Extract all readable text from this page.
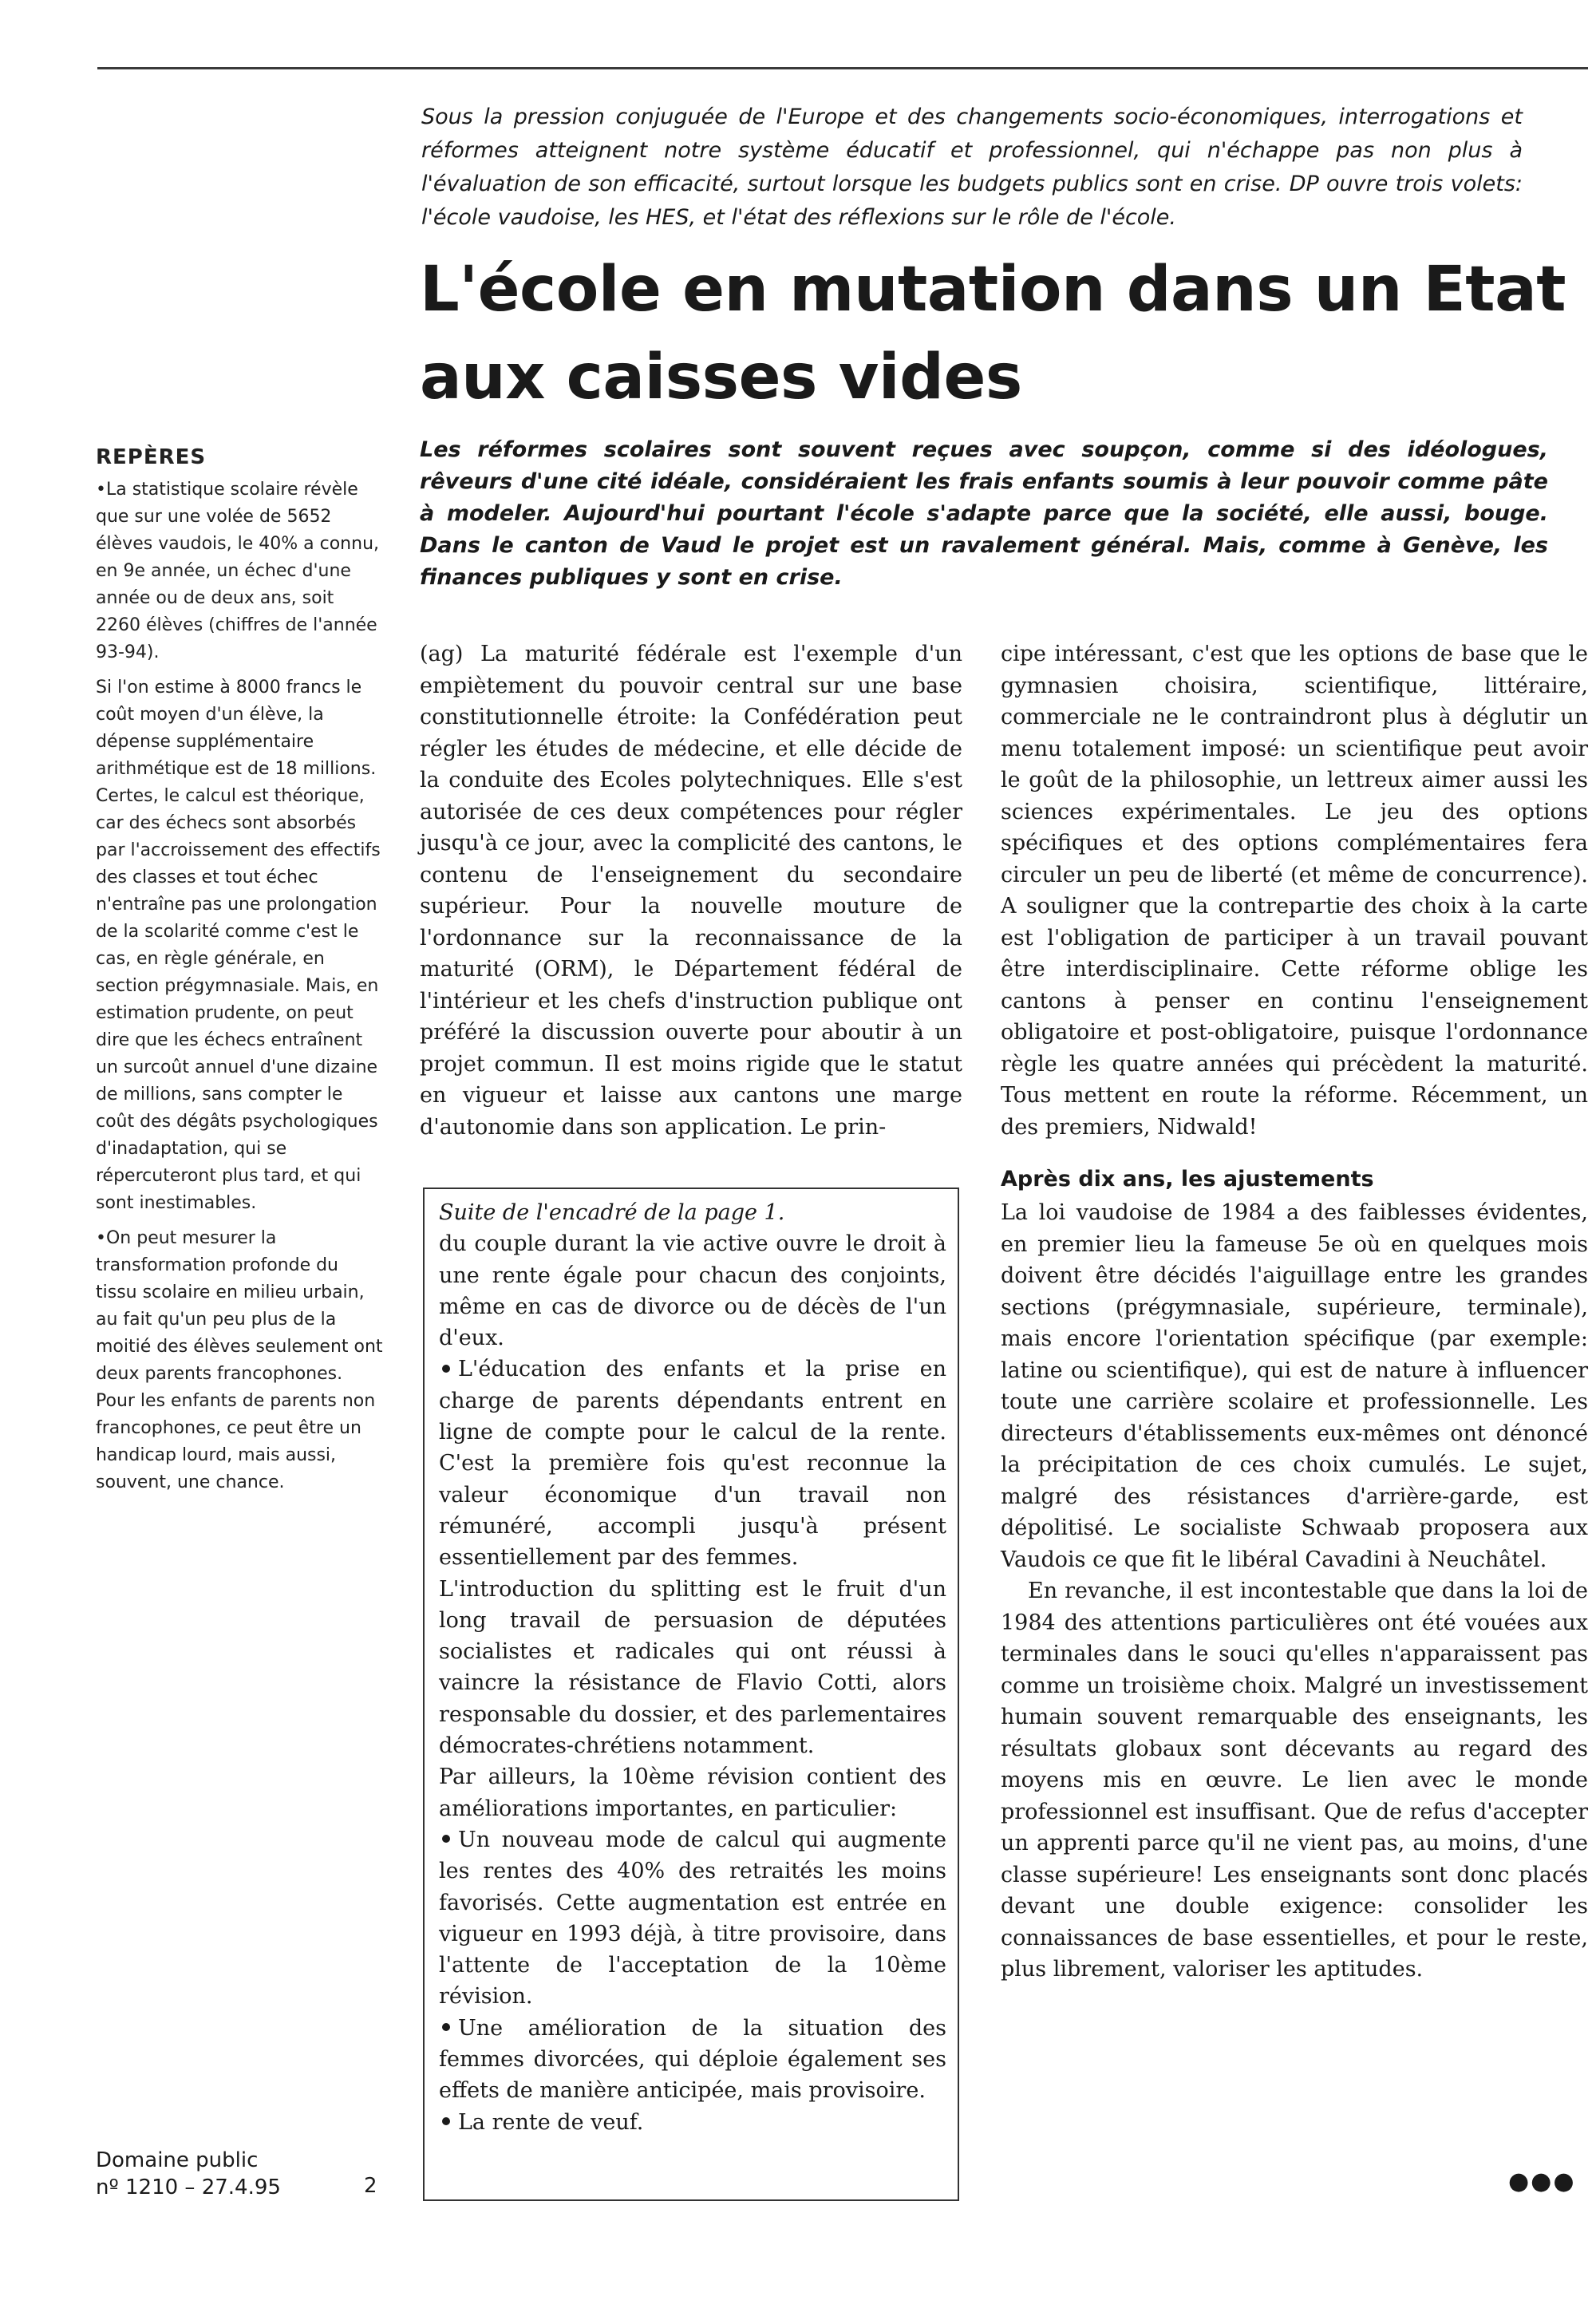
Sous la pression conjuguée de l'Europe et des changements socio-économiques, interrogations et réformes atteignent notre système éducatif et professionnel, qui n'échappe pas non plus à l'évaluation de son efficacité, surtout lorsque les budgets publics sont en crise. DP ouvre trois volets: l'école vaudoise, les HES, et l'état des réflexions sur le rôle de l'école.

L'école en mutation dans un Etat
aux caisses vides
REPÈRES

•La statistique scolaire révèle que sur une volée de 5652 élèves vaudois, le 40% a connu, en 9e année, un échec d'une année ou de deux ans, soit 2260 élèves (chiffres de l'année 93-94).

Si l'on estime à 8000 francs le coût moyen d'un élève, la dépense supplémentaire arithmétique est de 18 millions. Certes, le calcul est théorique, car des échecs sont absorbés par l'accroissement des effectifs des classes et tout échec n'entraîne pas une prolongation de la scolarité comme c'est le cas, en règle générale, en section prégymnasiale. Mais, en estimation prudente, on peut dire que les échecs entraînent un surcoût annuel d'une dizaine de millions, sans compter le coût des dégâts psychologiques d'inadaptation, qui se répercuteront plus tard, et qui sont inestimables.

•On peut mesurer la transformation profonde du tissu scolaire en milieu urbain, au fait qu'un peu plus de la moitié des élèves seulement ont deux parents francophones. Pour les enfants de parents non francophones, ce peut être un handicap lourd, mais aussi, souvent, une chance.

Les réformes scolaires sont souvent reçues avec soupçon, comme si des idéologues, rêveurs d'une cité idéale, considéraient les frais enfants soumis à leur pouvoir comme pâte à modeler. Aujourd'hui pourtant l'école s'adapte parce que la société, elle aussi, bouge. Dans le canton de Vaud le projet est un ravalement général. Mais, comme à Genève, les finances publiques y sont en crise.

(ag) La maturité fédérale est l'exemple d'un empiètement du pouvoir central sur une base constitutionnelle étroite: la Confédération peut régler les études de médecine, et elle décide de la conduite des Ecoles polytechniques. Elle s'est autorisée de ces deux compétences pour régler jusqu'à ce jour, avec la complicité des cantons, le contenu de l'enseignement du secondaire supérieur. Pour la nouvelle mouture de l'ordonnance sur la reconnaissance de la maturité (ORM), le Département fédéral de l'intérieur et les chefs d'instruction publique ont préféré la discussion ouverte pour aboutir à un projet commun. Il est moins rigide que le statut en vigueur et laisse aux cantons une marge d'autonomie dans son application. Le prin-

Suite de l'encadré de la page 1.

du couple durant la vie active ouvre le droit à une rente égale pour chacun des conjoints, même en cas de divorce ou de décès de l'un d'eux.

L'éducation des enfants et la prise en charge de parents dépendants entrent en ligne de compte pour le calcul de la rente. C'est la première fois qu'est reconnue la valeur économique d'un travail non rémunéré, accompli jusqu'à présent essentiellement par des femmes.

L'introduction du splitting est le fruit d'un long travail de persuasion de députées socialistes et radicales qui ont réussi à vaincre la résistance de Flavio Cotti, alors responsable du dossier, et des parlementaires démocrates-chrétiens notamment.

Par ailleurs, la 10ème révision contient des améliorations importantes, en particulier:

Un nouveau mode de calcul qui augmente les rentes des 40% des retraités les moins favorisés. Cette augmentation est entrée en vigueur en 1993 déjà, à titre provisoire, dans l'attente de l'acceptation de la 10ème révision.

Une amélioration de la situation des femmes divorcées, qui déploie également ses effets de manière anticipée, mais provisoire.

La rente de veuf.

cipe intéressant, c'est que les options de base que le gymnasien choisira, scientifique, littéraire, commerciale ne le contraindront plus à déglutir un menu totalement imposé: un scientifique peut avoir le goût de la philosophie, un lettreux aimer aussi les sciences expérimentales. Le jeu des options spécifiques et des options complémentaires fera circuler un peu de liberté (et même de concurrence). A souligner que la contrepartie des choix à la carte est l'obligation de participer à un travail pouvant être interdisciplinaire. Cette réforme oblige les cantons à penser en continu l'enseignement obligatoire et post-obligatoire, puisque l'ordonnance règle les quatre années qui précèdent la maturité. Tous mettent en route la réforme. Récemment, un des premiers, Nidwald!

Après dix ans, les ajustements

La loi vaudoise de 1984 a des faiblesses évidentes, en premier lieu la fameuse 5e où en quelques mois doivent être décidés l'aiguillage entre les grandes sections (prégymnasiale, supérieure, terminale), mais encore l'orientation spécifique (par exemple: latine ou scientifique), qui est de nature à influencer toute une carrière scolaire et professionnelle. Les directeurs d'établissements eux-mêmes ont dénoncé la précipitation de ces choix cumulés. Le sujet, malgré des résistances d'arrière-garde, est dépolitisé. Le socialiste Schwaab proposera aux Vaudois ce que fit le libéral Cavadini à Neuchâtel.

En revanche, il est incontestable que dans la loi de 1984 des attentions particulières ont été vouées aux terminales dans le souci qu'elles n'apparaissent pas comme un troisième choix. Malgré un investissement humain souvent remarquable des enseignants, les résultats globaux sont décevants au regard des moyens mis en œuvre. Le lien avec le monde professionnel est insuffisant. Que de refus d'accepter un apprenti parce qu'il ne vient pas, au moins, d'une classe supérieure! Les enseignants sont donc placés devant une double exigence: consolider les connaissances de base essentielles, et pour le reste, plus librement, valoriser les aptitudes.

Domaine public
nº 1210 – 27.4.95	2	●●●
